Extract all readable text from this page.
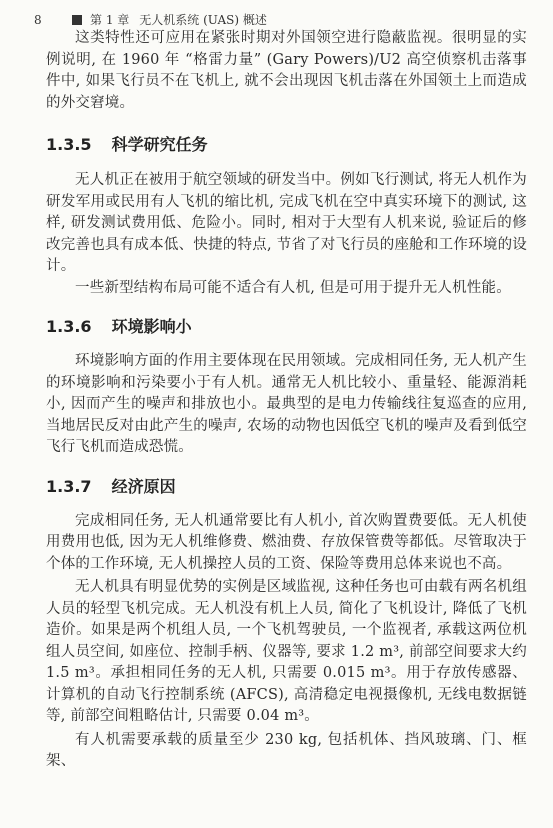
8	第 1 章 无人机系统 (UAS) 概述

这类特性还可应用在紧张时期对外国领空进行隐蔽监视。很明显的实例说明, 在 1960 年 “格雷力量” (Gary Powers)/U2 高空侦察机击落事件中, 如果飞行员不在飞机上, 就不会出现因飞机击落在外国领土上而造成的外交窘境。

1.3.5 科学研究任务

无人机正在被用于航空领域的研发当中。例如飞行测试, 将无人机作为研发军用或民用有人飞机的缩比机, 完成飞机在空中真实环境下的测试, 这样, 研发测试费用低、危险小。同时, 相对于大型有人机来说, 验证后的修改完善也具有成本低、快捷的特点, 节省了对飞行员的座舱和工作环境的设计。

一些新型结构布局可能不适合有人机, 但是可用于提升无人机性能。

1.3.6 环境影响小

环境影响方面的作用主要体现在民用领域。完成相同任务, 无人机产生的环境影响和污染要小于有人机。通常无人机比较小、重量轻、能源消耗小, 因而产生的噪声和排放也小。最典型的是电力传输线往复巡查的应用, 当地居民反对由此产生的噪声, 农场的动物也因低空飞机的噪声及看到低空飞行飞机而造成恐慌。

1.3.7 经济原因

完成相同任务, 无人机通常要比有人机小, 首次购置费要低。无人机使用费用也低, 因为无人机维修费、燃油费、存放保管费等都低。尽管取决于个体的工作环境, 无人机操控人员的工资、保险等费用总体来说也不高。

无人机具有明显优势的实例是区域监视, 这种任务也可由载有两名机组人员的轻型飞机完成。无人机没有机上人员, 简化了飞机设计, 降低了飞机造价。如果是两个机组人员, 一个飞机驾驶员, 一个监视者, 承载这两位机组人员空间, 如座位、控制手柄、仪器等, 要求 1.2 m³, 前部空间要求大约 1.5 m³。承担相同任务的无人机, 只需要 0.015 m³。用于存放传感器、计算机的自动飞行控制系统 (AFCS), 高清稳定电视摄像机, 无线电数据链等, 前部空间粗略估计, 只需要 0.04 m³。

有人机需要承载的质量至少 230 kg, 包括机体、挡风玻璃、门、框架、
